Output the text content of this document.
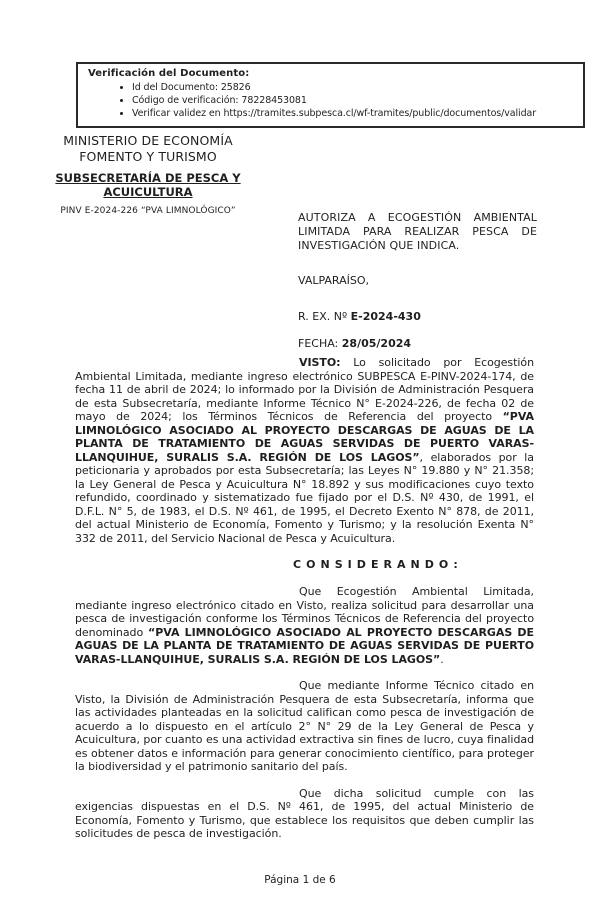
Verificación del Documento:
• Id del Documento: 25826
• Código de verificación: 78228453081
• Verificar validez en https://tramites.subpesca.cl/wf-tramites/public/documentos/validar
MINISTERIO DE ECONOMÍA
FOMENTO Y TURISMO
SUBSECRETARÍA DE PESCA Y ACUICULTURA
PINV E-2024-226 “PVA LIMNOLÓGICO”	AUTORIZA A ECOGESTIÓN AMBIENTAL LIMITADA PARA REALIZAR PESCA DE INVESTIGACIÓN QUE INDICA.

VALPARAÍSO,

R. EX. Nº E-2024-430

FECHA: 28/05/2024

VISTO: Lo solicitado por Ecogestión Ambiental Limitada, mediante ingreso electrónico SUBPESCA E-PINV-2024-174, de fecha 11 de abril de 2024; lo informado por la División de Administración Pesquera de esta Subsecretaría, mediante Informe Técnico N° E-2024-226, de fecha 02 de mayo de 2024; los Términos Técnicos de Referencia del proyecto “PVA LIMNOLÓGICO ASOCIADO AL PROYECTO DESCARGAS DE AGUAS DE LA PLANTA DE TRATAMIENTO DE AGUAS SERVIDAS DE PUERTO VARAS-LLANQUIHUE, SURALIS S.A. REGIÓN DE LOS LAGOS”, elaborados por la peticionaria y aprobados por esta Subsecretaría; las Leyes N° 19.880 y N° 21.358; la Ley General de Pesca y Acuicultura N° 18.892 y sus modificaciones cuyo texto refundido, coordinado y sistematizado fue fijado por el D.S. Nº 430, de 1991, el D.F.L. N° 5, de 1983, el D.S. Nº 461, de 1995, el Decreto Exento N° 878, de 2011, del actual Ministerio de Economía, Fomento y Turismo; y la resolución Exenta N° 332 de 2011, del Servicio Nacional de Pesca y Acuicultura.

C O N S I D E R A N D O :

Que Ecogestión Ambiental Limitada, mediante ingreso electrónico citado en Visto, realiza solicitud para desarrollar una pesca de investigación conforme los Términos Técnicos de Referencia del proyecto denominado “PVA LIMNOLÓGICO ASOCIADO AL PROYECTO DESCARGAS DE AGUAS DE LA PLANTA DE TRATAMIENTO DE AGUAS SERVIDAS DE PUERTO VARAS-LLANQUIHUE, SURALIS S.A. REGIÓN DE LOS LAGOS”.

Que mediante Informe Técnico citado en Visto, la División de Administración Pesquera de esta Subsecretaría, informa que las actividades planteadas en la solicitud califican como pesca de investigación de acuerdo a lo dispuesto en el artículo 2° N° 29 de la Ley General de Pesca y Acuicultura, por cuanto es una actividad extractiva sin fines de lucro, cuya finalidad es obtener datos e información para generar conocimiento científico, para proteger la biodiversidad y el patrimonio sanitario del país.

Que dicha solicitud cumple con las exigencias dispuestas en el D.S. Nº 461, de 1995, del actual Ministerio de Economía, Fomento y Turismo, que establece los requisitos que deben cumplir las solicitudes de pesca de investigación.

Página 1 de 6
